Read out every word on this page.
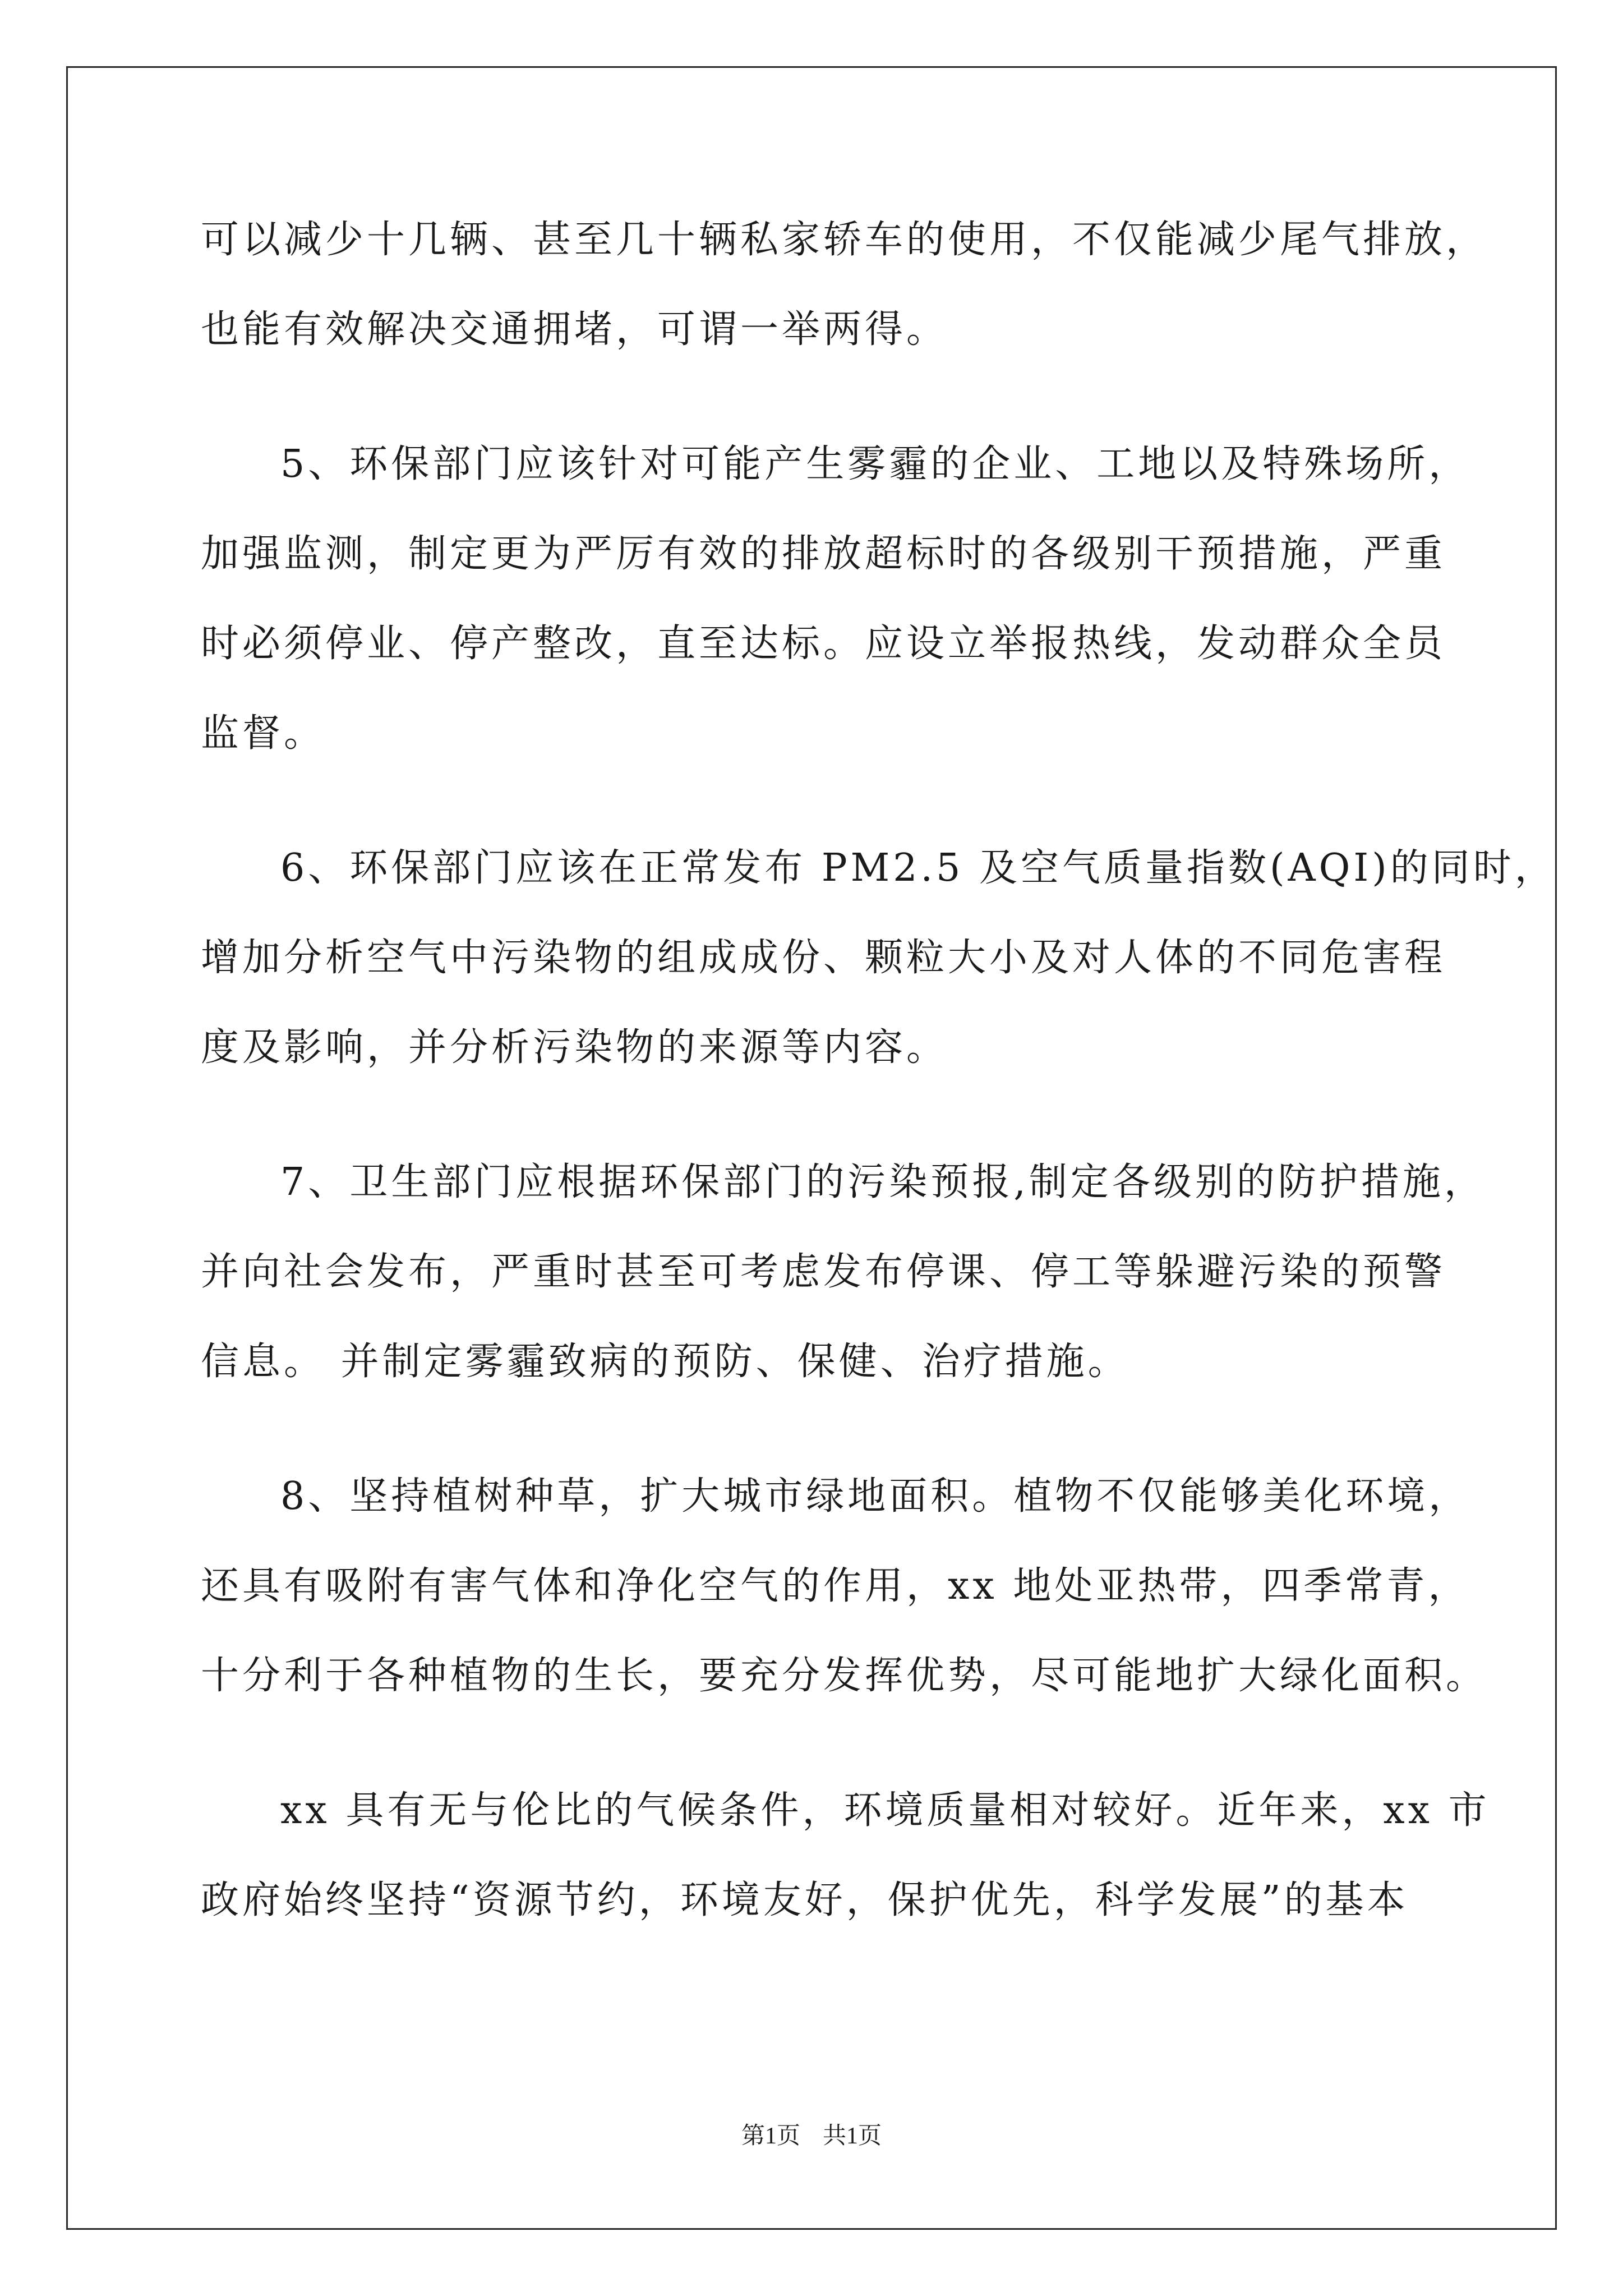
可以减少十几辆、甚至几十辆私家轿车的使用，不仅能减少尾气排放，
也能有效解决交通拥堵，可谓一举两得。
5、环保部门应该针对可能产生雾霾的企业、工地以及特殊场所，
加强监测，制定更为严厉有效的排放超标时的各级别干预措施，严重
时必须停业、停产整改，直至达标。应设立举报热线，发动群众全员
监督。
6、环保部门应该在正常发布 PM2.5 及空气质量指数(AQI)的同时，
增加分析空气中污染物的组成成份、颗粒大小及对人体的不同危害程
度及影响，并分析污染物的来源等内容。
7、卫生部门应根据环保部门的污染预报,制定各级别的防护措施，
并向社会发布，严重时甚至可考虑发布停课、停工等躲避污染的预警
信息。 并制定雾霾致病的预防、保健、治疗措施。
8、坚持植树种草，扩大城市绿地面积。植物不仅能够美化环境，
还具有吸附有害气体和净化空气的作用，xx 地处亚热带，四季常青，
十分利于各种植物的生长，要充分发挥优势，尽可能地扩大绿化面积。
xx 具有无与伦比的气候条件，环境质量相对较好。近年来，xx 市
政府始终坚持“资源节约，环境友好，保护优先，科学发展”的基本
第1页 共1页
